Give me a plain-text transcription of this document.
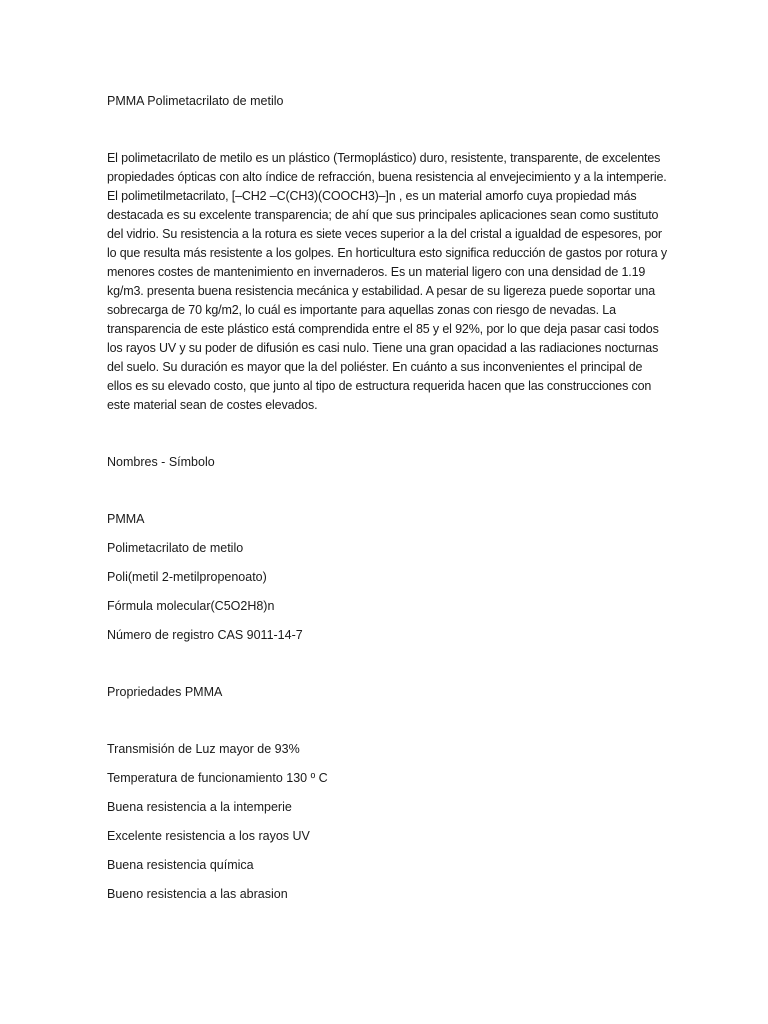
PMMA Polimetacrilato de metilo

El polimetacrilato de metilo es un plástico (Termoplástico) duro, resistente, transparente, de excelentes propiedades ópticas con alto índice de refracción, buena resistencia al envejecimiento y a la intemperie. El polimetilmetacrilato, [–CH2 –C(CH3)(COOCH3)–]n , es un material amorfo cuya propiedad más destacada es su excelente transparencia; de ahí que sus principales aplicaciones sean como sustituto del vidrio. Su resistencia a la rotura es siete veces superior a la del cristal a igualdad de espesores, por lo que resulta más resistente a los golpes. En horticultura esto significa reducción de gastos por rotura y menores costes de mantenimiento en invernaderos. Es un material ligero con una densidad de 1.19 kg/m3. presenta buena resistencia mecánica y estabilidad. A pesar de su ligereza puede soportar una sobrecarga de 70 kg/m2, lo cuál es importante para aquellas zonas con riesgo de nevadas. La transparencia de este plástico está comprendida entre el 85 y el 92%, por lo que deja pasar casi todos los rayos UV y su poder de difusión es casi nulo. Tiene una gran opacidad a las radiaciones nocturnas del suelo. Su duración es mayor que la del poliéster. En cuánto a sus inconvenientes el principal de ellos es su elevado costo, que junto al tipo de estructura requerida hacen que las construcciones con este material sean de costes elevados.

Nombres - Símbolo
PMMA
Polimetacrilato de metilo
Poli(metil 2-metilpropenoato)
Fórmula molecular(C5O2H8)n
Número de registro CAS 9011-14-7
Propriedades PMMA
Transmisión de Luz mayor de 93%
Temperatura de funcionamiento 130 º C
Buena resistencia a la intemperie
Excelente resistencia a los rayos UV
Buena resistencia química
Bueno resistencia a las abrasion
